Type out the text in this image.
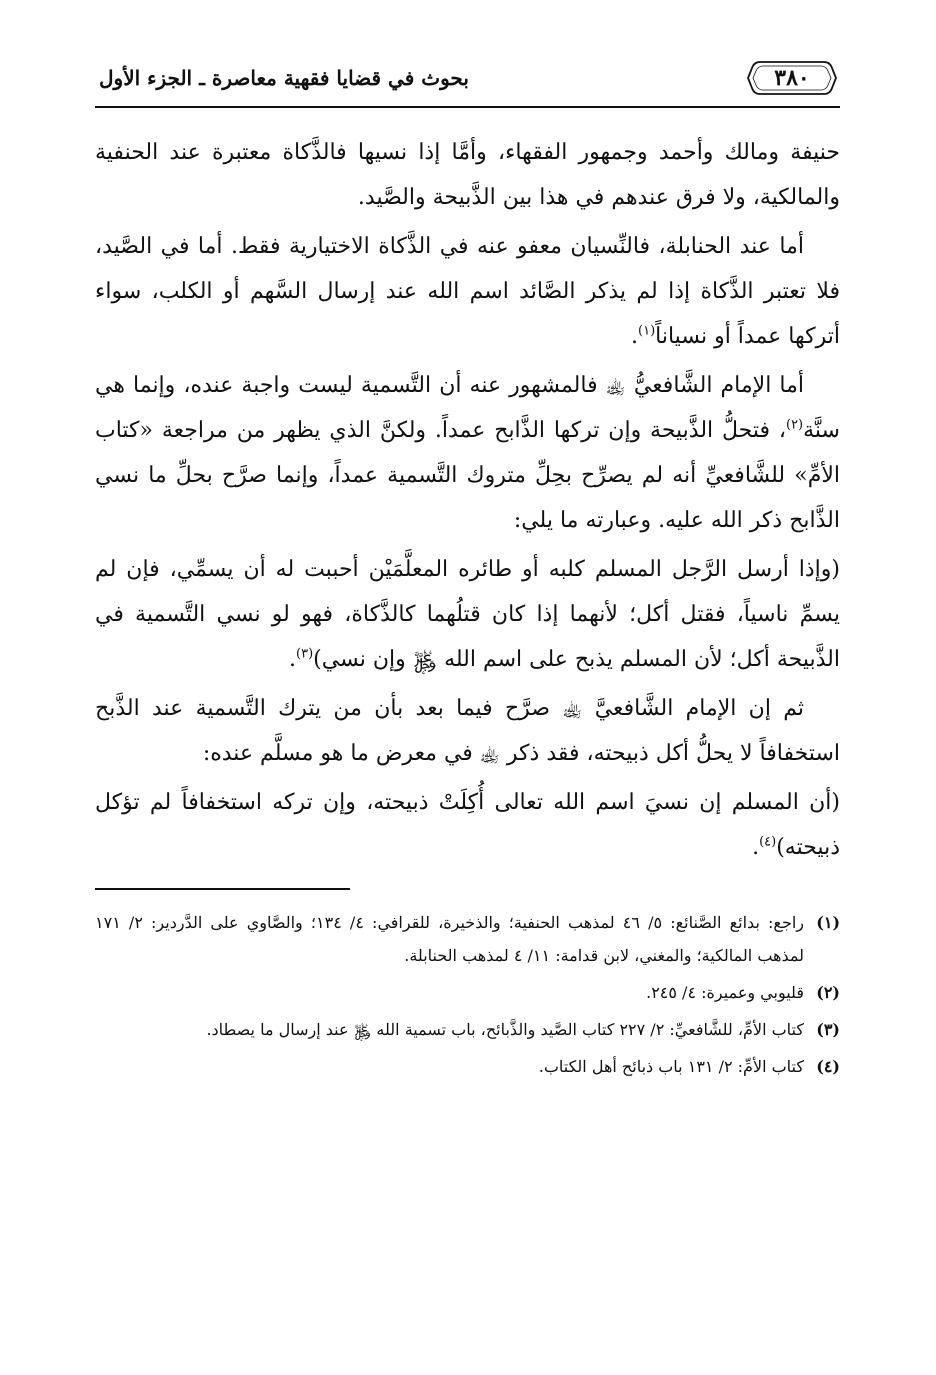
٣٨٠
بحوث في قضايا فقهية معاصرة ـ الجزء الأول

حنيفة ومالك وأحمد وجمهور الفقهاء، وأمَّا إذا نسيها فالذَّكاة معتبرة عند الحنفية والمالكية، ولا فرق عندهم في هذا بين الذَّبيحة والصَّيد.

أما عند الحنابلة، فالنِّسيان معفو عنه في الذَّكاة الاختيارية فقط. أما في الصَّيد، فلا تعتبر الذَّكاة إذا لم يذكر الصَّائد اسم الله عند إرسال السَّهم أو الكلب، سواء أتركها عمداً أو نسياناً$^{(١)}$.

أما الإمام الشَّافعيُّ ﵀ فالمشهور عنه أن التَّسمية ليست واجبة عنده، وإنما هي سنَّة$^{(٢)}$، فتحلُّ الذَّبيحة وإن تركها الذَّابح عمداً. ولكنَّ الذي يظهر من مراجعة «كتاب الأمِّ» للشَّافعيِّ أنه لم يصرِّح بحِلِّ متروك التَّسمية عمداً، وإنما صرَّح بحلِّ ما نسي الذَّابح ذكر الله عليه. وعبارته ما يلي:

(وإذا أرسل الرَّجل المسلم كلبه أو طائره المعلَّمَيْن أحببت له أن يسمِّي، فإن لم يسمِّ ناسياً، فقتل أكل؛ لأنهما إذا كان قتلُهما كالذَّكاة، فهو لو نسي التَّسمية في الذَّبيحة أكل؛ لأن المسلم يذبح على اسم الله ﷿ وإن نسي)$^{(٣)}$.

ثم إن الإمام الشَّافعيَّ ﵀ صرَّح فيما بعد بأن من يترك التَّسمية عند الذَّبح استخفافاً لا يحلُّ أكل ذبيحته، فقد ذكر ﵀ في معرض ما هو مسلَّم عنده:

(أن المسلم إن نسيَ اسم الله تعالى أُكِلَتْ ذبيحته، وإن تركه استخفافاً لم تؤكل ذبيحته)$^{(٤)}$.

(١)راجع: بدائع الصَّنائع: ٥/ ٤٦ لمذهب الحنفية؛ والذخيرة، للقرافي: ٤/ ١٣٤؛ والصَّاوي على الدَّردير: ٢/ ١٧١ لمذهب المالكية؛ والمغني، لابن قدامة: ١١/ ٤ لمذهب الحنابلة.

(٢)قليوبي وعميرة: ٤/ ٢٤٥.

(٣)كتاب الأمِّ، للشَّافعيِّ: ٢/ ٢٢٧ كتاب الصَّيد والذَّبائح، باب تسمية الله ﷿ عند إرسال ما يصطاد.

(٤)كتاب الأمِّ: ٢/ ١٣١ باب ذبائح أهل الكتاب.
